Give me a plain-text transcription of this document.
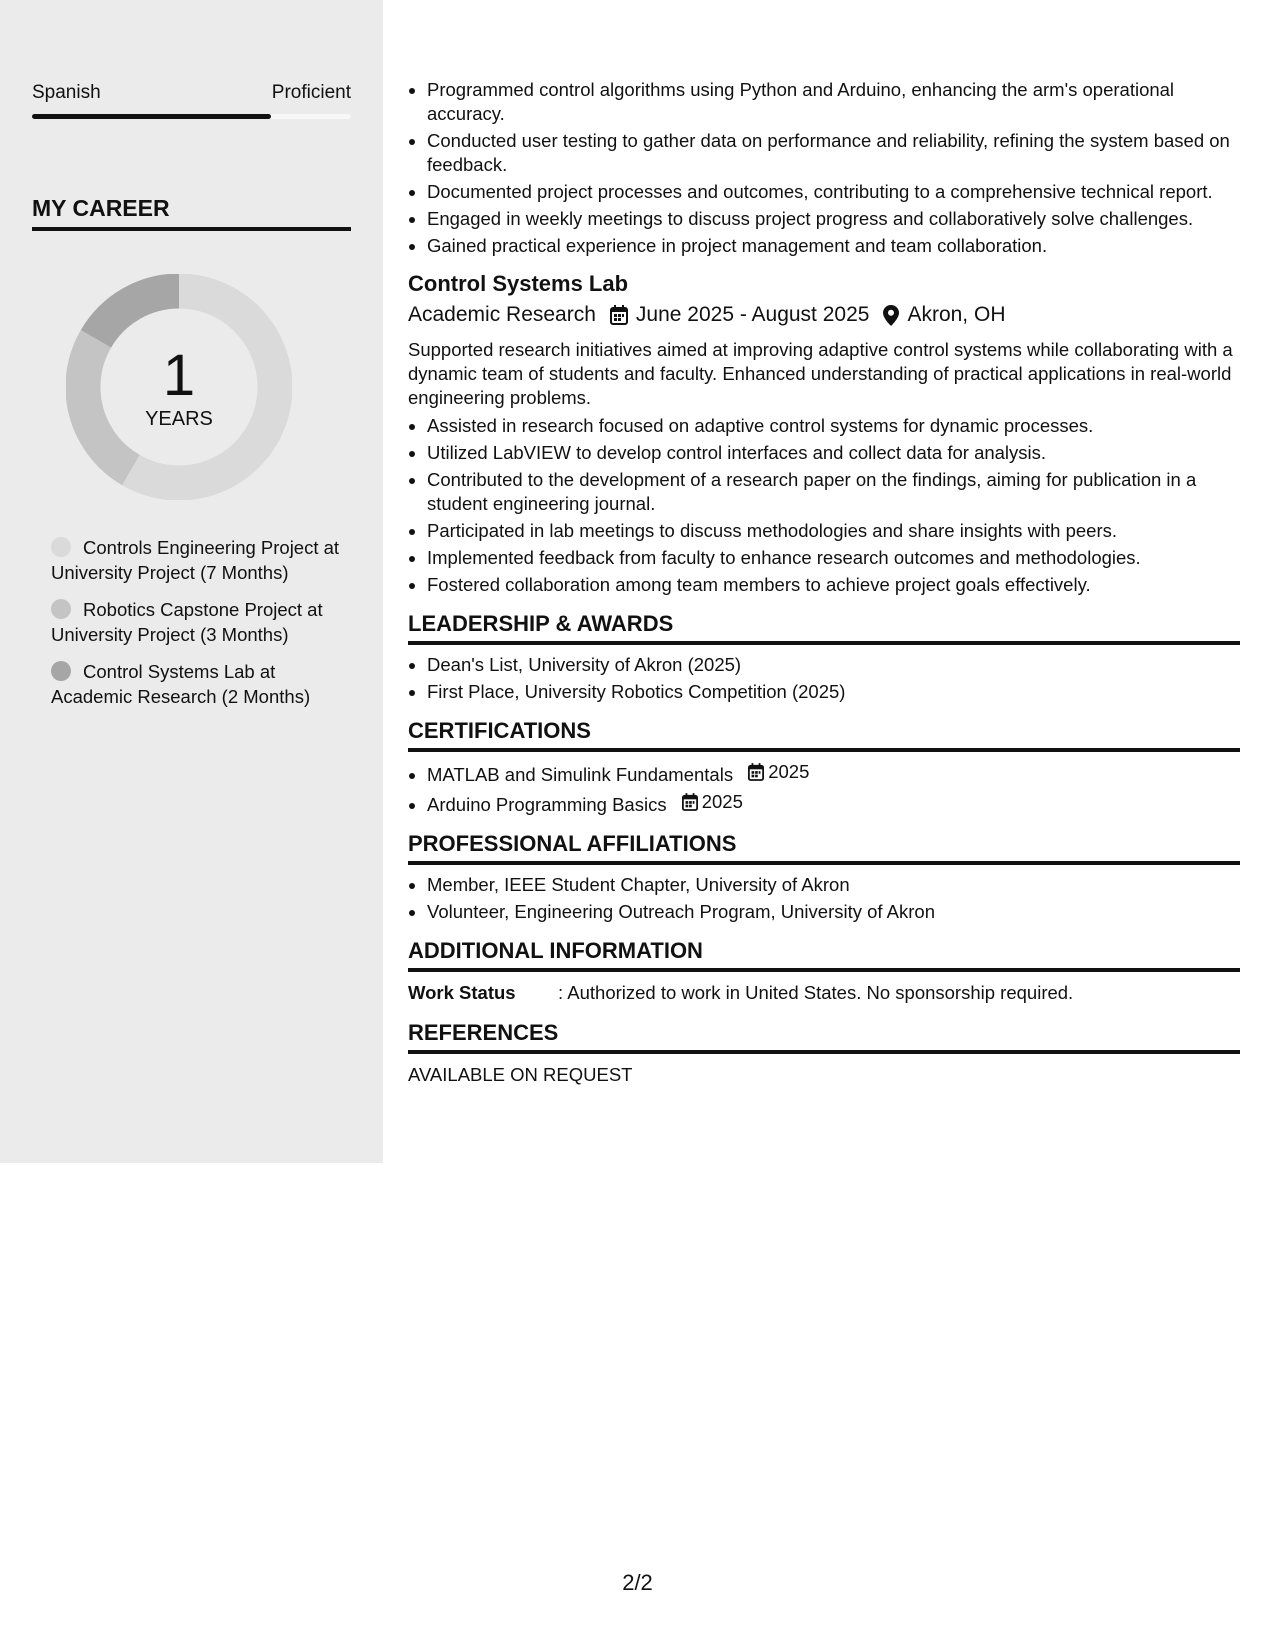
Spanish	Proficient
MY CAREER
1
YEARS
Controls Engineering Project at University Project (7 Months)
Robotics Capstone Project at University Project (3 Months)
Control Systems Lab at Academic Research (2 Months)
• Programmed control algorithms using Python and Arduino, enhancing the arm's operational accuracy.
• Conducted user testing to gather data on performance and reliability, refining the system based on feedback.
• Documented project processes and outcomes, contributing to a comprehensive technical report.
• Engaged in weekly meetings to discuss project progress and collaboratively solve challenges.
• Gained practical experience in project management and team collaboration.
Control Systems Lab
Academic Research June 2025 - August 2025 Akron, OH
Supported research initiatives aimed at improving adaptive control systems while collaborating with a dynamic team of students and faculty. Enhanced understanding of practical applications in real-world engineering problems.
• Assisted in research focused on adaptive control systems for dynamic processes.
• Utilized LabVIEW to develop control interfaces and collect data for analysis.
• Contributed to the development of a research paper on the findings, aiming for publication in a student engineering journal.
• Participated in lab meetings to discuss methodologies and share insights with peers.
• Implemented feedback from faculty to enhance research outcomes and methodologies.
• Fostered collaboration among team members to achieve project goals effectively.
LEADERSHIP & AWARDS
• Dean's List, University of Akron (2025)
• First Place, University Robotics Competition (2025)
CERTIFICATIONS
• MATLAB and Simulink Fundamentals 2025
• Arduino Programming Basics 2025
PROFESSIONAL AFFILIATIONS
• Member, IEEE Student Chapter, University of Akron
• Volunteer, Engineering Outreach Program, University of Akron
ADDITIONAL INFORMATION
Work Status	: Authorized to work in United States. No sponsorship required.
REFERENCES
AVAILABLE ON REQUEST
2/2
